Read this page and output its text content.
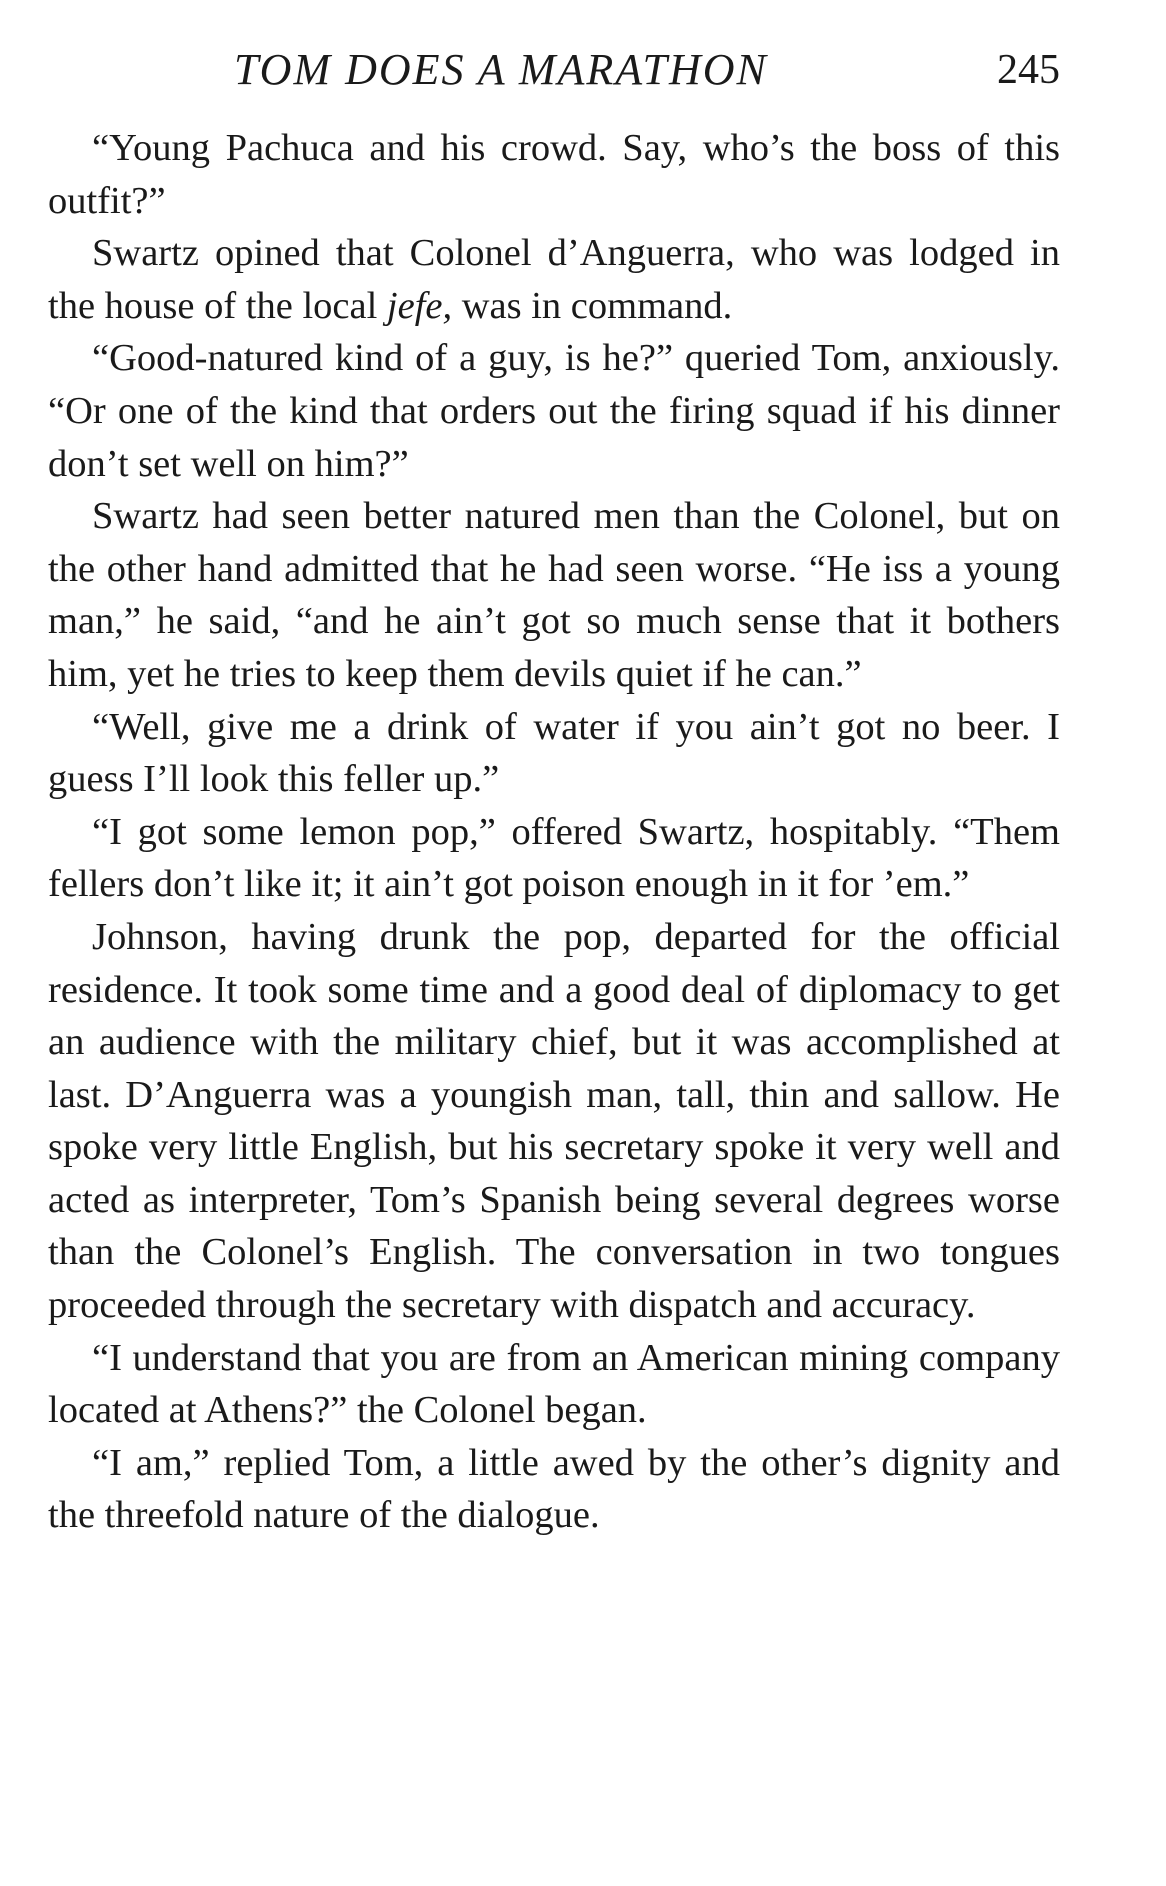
TOM DOES A MARATHON	245

“Young Pachuca and his crowd. Say, who’s the boss of this outfit?”

Swartz opined that Colonel d’Anguerra, who was lodged in the house of the local jefe, was in command.

“Good-natured kind of a guy, is he?” queried Tom, anxiously. “Or one of the kind that orders out the firing squad if his dinner don’t set well on him?”

Swartz had seen better natured men than the Colonel, but on the other hand admitted that he had seen worse. “He iss a young man,” he said, “and he ain’t got so much sense that it bothers him, yet he tries to keep them devils quiet if he can.”

“Well, give me a drink of water if you ain’t got no beer. I guess I’ll look this feller up.”

“I got some lemon pop,” offered Swartz, hospitably. “Them fellers don’t like it; it ain’t got poison enough in it for ’em.”

Johnson, having drunk the pop, departed for the official residence. It took some time and a good deal of diplomacy to get an audience with the military chief, but it was accomplished at last. D’Anguerra was a youngish man, tall, thin and sallow. He spoke very little English, but his secretary spoke it very well and acted as interpreter, Tom’s Spanish being several degrees worse than the Colonel’s English. The conversation in two tongues proceeded through the secretary with dispatch and accuracy.

“I understand that you are from an American mining company located at Athens?” the Colonel began.

“I am,” replied Tom, a little awed by the other’s dignity and the threefold nature of the dialogue.
